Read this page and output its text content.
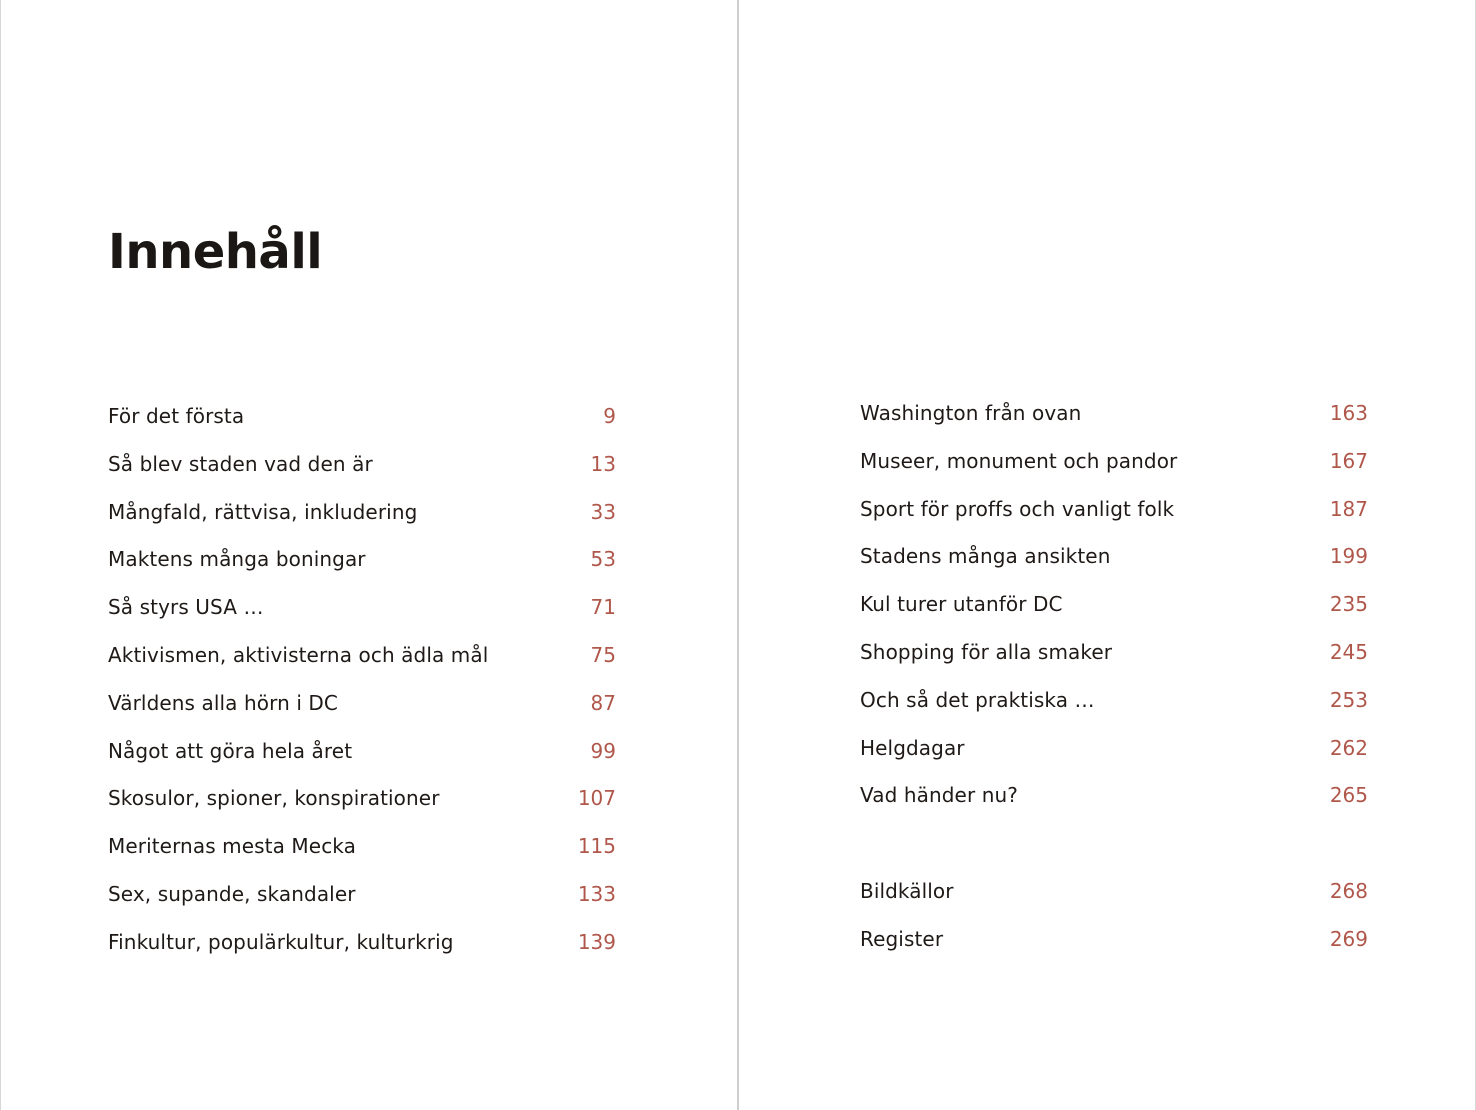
Innehåll
För det första	9
Så blev staden vad den är	13
Mångfald, rättvisa, inkludering	33
Maktens många boningar	53
Så styrs USA …	71
Aktivismen, aktivisterna och ädla mål	75
Världens alla hörn i DC	87
Något att göra hela året	99
Skosulor, spioner, konspirationer	107
Meriternas mesta Mecka	115
Sex, supande, skandaler	133
Finkultur, populärkultur, kulturkrig	139
Washington från ovan	163
Museer, monument och pandor	167
Sport för proffs och vanligt folk	187
Stadens många ansikten	199
Kul turer utanför DC	235
Shopping för alla smaker	245
Och så det praktiska …	253
Helgdagar	262
Vad händer nu?	265
Bildkällor	268
Register	269
